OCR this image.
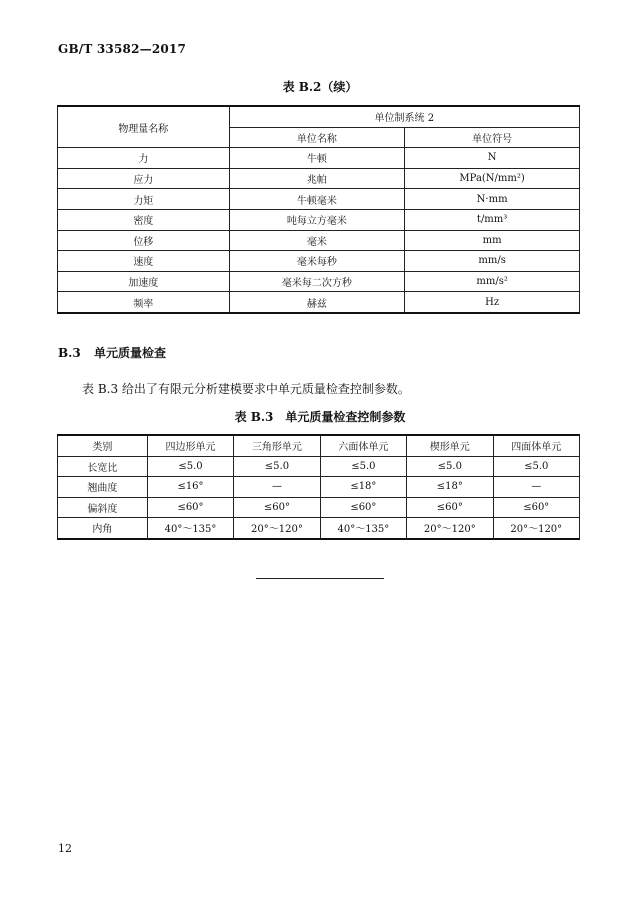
GB/T 33582—2017
表 B.2（续）
物理量名称	单位制系统 2	
	单位名称	单位符号
力	牛顿	N
应力	兆帕	MPa(N/mm²)
力矩	牛顿毫米	N·mm
密度	吨每立方毫米	t/mm³
位移	毫米	mm
速度	毫米每秒	mm/s
加速度	毫米每二次方秒	mm/s²
频率	赫兹	Hz
B.3 单元质量检查
表 B.3 给出了有限元分析建模要求中单元质量检查控制参数。
表 B.3　单元质量检查控制参数
类别	四边形单元	三角形单元	六面体单元	楔形单元	四面体单元
长宽比	≤5.0	≤5.0	≤5.0	≤5.0	≤5.0
翘曲度	≤16°	—	≤18°	≤18°	—
偏斜度	≤60°	≤60°	≤60°	≤60°	≤60°
内角	40°～135°	20°～120°	40°～135°	20°～120°	20°～120°
12
